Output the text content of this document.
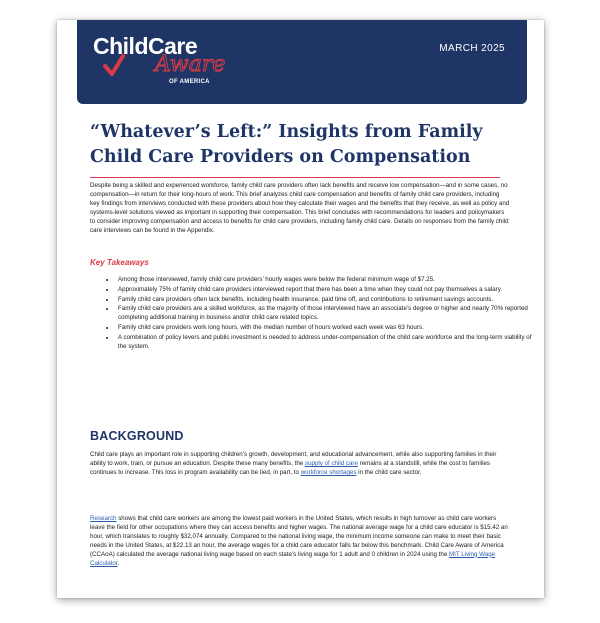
ChildCare
Aware
OF AMERICA
MARCH 2025
“Whatever’s Left:” Insights from Family Child Care Providers on Compensation

Despite being a skilled and experienced workforce, family child care providers often lack benefits and receive low compensation—and in some cases, no compensation—in return for their long-hours of work. This brief analyzes child care compensation and benefits of family child care providers, including key findings from interviews conducted with these providers about how they calculate their wages and the benefits that they receive, as well as policy and systems-level solutions viewed as important in supporting their compensation. This brief concludes with recommendations for leaders and policymakers to consider improving compensation and access to benefits for child care providers, including family child care. Details on responses from the family child care interviews can be found in the Appendix.

Key Takeaways
• Among those interviewed, family child care providers’ hourly wages were below the federal minimum wage of $7.25.
• Approximately 75% of family child care providers interviewed report that there has been a time when they could not pay themselves a salary.
• Family child care providers often lack benefits, including health insurance, paid time off, and contributions to retirement savings accounts.
• Family child care providers are a skilled workforce, as the majority of those interviewed have an associate’s degree or higher and nearly 70% reported completing additional training in business and/or child care related topics.
• Family child care providers work long hours, with the median number of hours worked each week was 63 hours.
• A combination of policy levers and public investment is needed to address under-compensation of the child care workforce and the long-term viability of the system.
BACKGROUND

Child care plays an important role in supporting children’s growth, development, and educational advancement, while also supporting families in their ability to work, train, or pursue an education. Despite these many benefits, the supply of child care remains at a standstill, while the cost to families continues to increase. This loss in program availability can be tied, in part, to workforce shortages in the child care sector.

Research shows that child care workers are among the lowest paid workers in the United States, which results in high turnover as child care workers leave the field for other occupations where they can access benefits and higher wages. The national average wage for a child care educator is $15.42 an hour, which translates to roughly $32,074 annually. Compared to the national living wage, the minimum income someone can make to meet their basic needs in the United States, at $22.13 an hour, the average wages for a child care educator falls far below this benchmark. Child Care Aware of America (CCAoA) calculated the average national living wage based on each state’s living wage for 1 adult and 0 children in 2024 using the MIT Living Wage Calculator.
